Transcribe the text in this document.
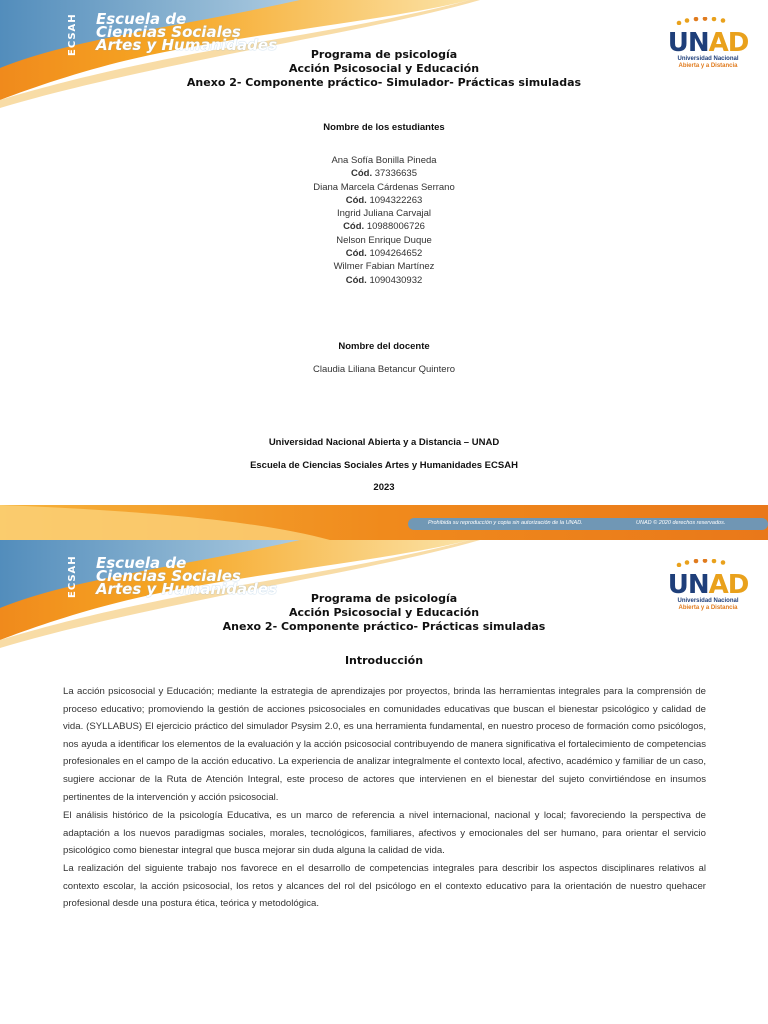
ECSAH Escuela de
Ciencias Sociales
Artes y Humanidades	UNAD
Universidad Nacional
Abierta y a Distancia
Programa de psicología
Acción Psicosocial y Educación
Anexo 2- Componente práctico- Simulador- Prácticas simuladas
Nombre de los estudiantes
Ana Sofía Bonilla Pineda
Cód. 37336635
Diana Marcela Cárdenas Serrano
Cód. 1094322263
Ingrid Juliana Carvajal
Cód. 10988006726
Nelson Enrique Duque
Cód. 1094264652
Wilmer Fabian Martínez
Cód. 1090430932
Nombre del docente
Claudia Liliana Betancur Quintero
Universidad Nacional Abierta y a Distancia – UNAD
Escuela de Ciencias Sociales Artes y Humanidades ECSAH
2023
Prohibida su reproducción y copia sin autorización de la UNAD.	UNAD © 2020 derechos reservados.
ECSAH Escuela de
Ciencias Sociales
Artes y Humanidades	UNAD
Universidad Nacional
Abierta y a Distancia
Programa de psicología
Acción Psicosocial y Educación
Anexo 2- Componente práctico- Prácticas simuladas
Introducción
La acción psicosocial y Educación; mediante la estrategia de aprendizajes por proyectos, brinda las herramientas integrales para la comprensión de proceso educativo; promoviendo la gestión de acciones psicosociales en comunidades educativas que buscan el bienestar psicológico y calidad de vida. (SYLLABUS) El ejercicio práctico del simulador Psysim 2.0, es una herramienta fundamental, en nuestro proceso de formación como psicólogos, nos ayuda a identificar los elementos de la evaluación y la acción psicosocial contribuyendo de manera significativa el fortalecimiento de competencias profesionales en el campo de la acción educativo. La experiencia de analizar integralmente el contexto local, afectivo, académico y familiar de un caso, sugiere accionar de la Ruta de Atención Integral, este proceso de actores que intervienen en el bienestar del sujeto convirtiéndose en insumos pertinentes de la intervención y acción psicosocial.
El análisis histórico de la psicología Educativa, es un marco de referencia a nivel internacional, nacional y local; favoreciendo la perspectiva de adaptación a los nuevos paradigmas sociales, morales, tecnológicos, familiares, afectivos y emocionales del ser humano, para orientar el servicio psicológico como bienestar integral que busca mejorar sin duda alguna la calidad de vida.
La realización del siguiente trabajo nos favorece en el desarrollo de competencias integrales para describir los aspectos disciplinares relativos al contexto escolar, la acción psicosocial, los retos y alcances del rol del psicólogo en el contexto educativo para la orientación de nuestro quehacer profesional desde una postura ética, teórica y metodológica.
